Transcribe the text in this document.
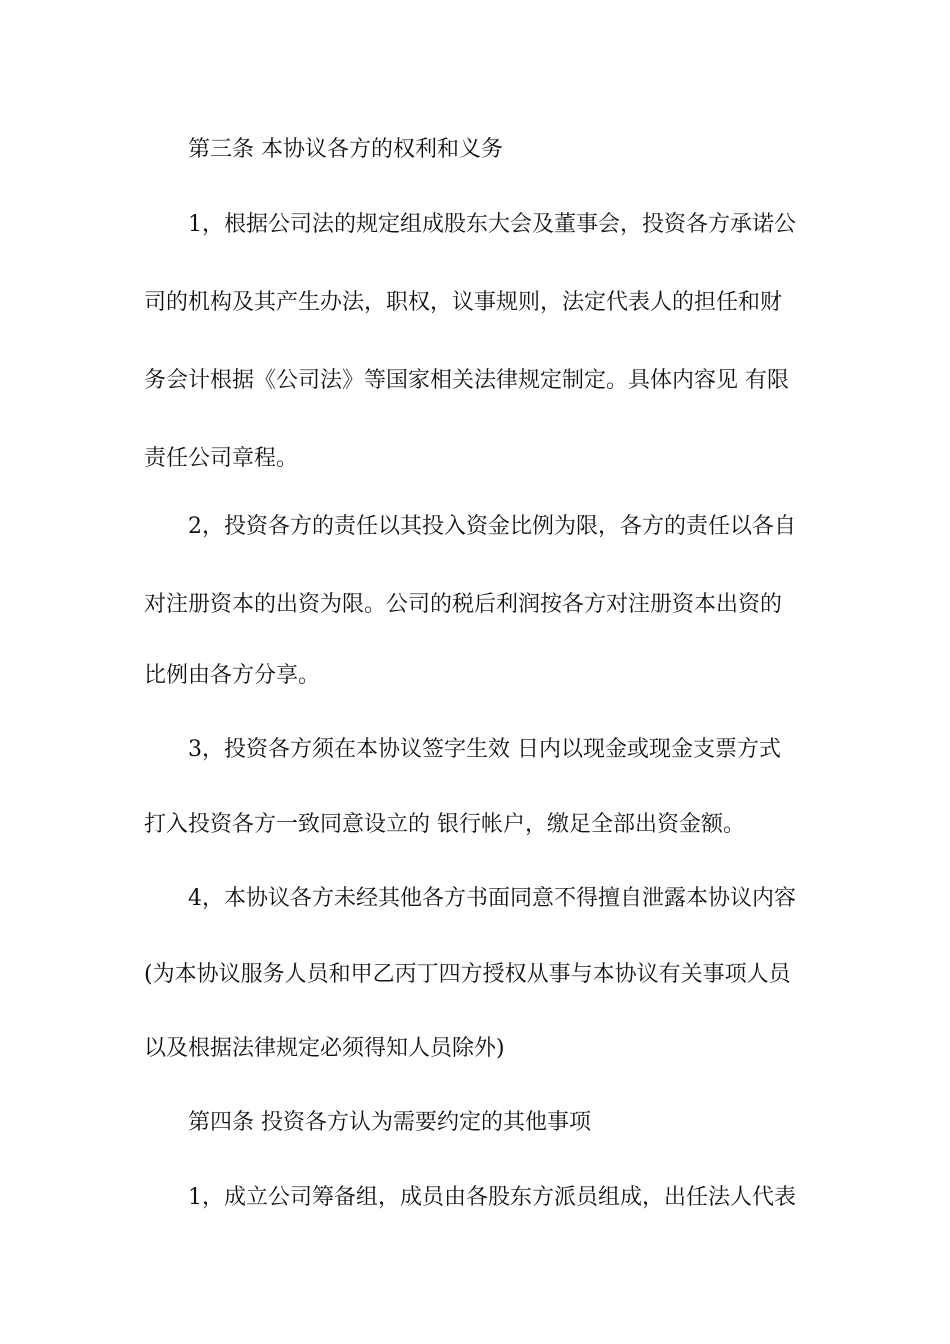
第三条 本协议各方的权利和义务
1，根据公司法的规定组成股东大会及董事会，投资各方承诺公
司的机构及其产生办法，职权，议事规则，法定代表人的担任和财
务会计根据《公司法》等国家相关法律规定制定。具体内容见 有限
责任公司章程。
2，投资各方的责任以其投入资金比例为限，各方的责任以各自
对注册资本的出资为限。公司的税后利润按各方对注册资本出资的
比例由各方分享。
3，投资各方须在本协议签字生效 日内以现金或现金支票方式
打入投资各方一致同意设立的 银行帐户，缴足全部出资金额。
4，本协议各方未经其他各方书面同意不得擅自泄露本协议内容
(为本协议服务人员和甲乙丙丁四方授权从事与本协议有关事项人员
以及根据法律规定必须得知人员除外)
第四条 投资各方认为需要约定的其他事项
1，成立公司筹备组，成员由各股东方派员组成，出任法人代表
